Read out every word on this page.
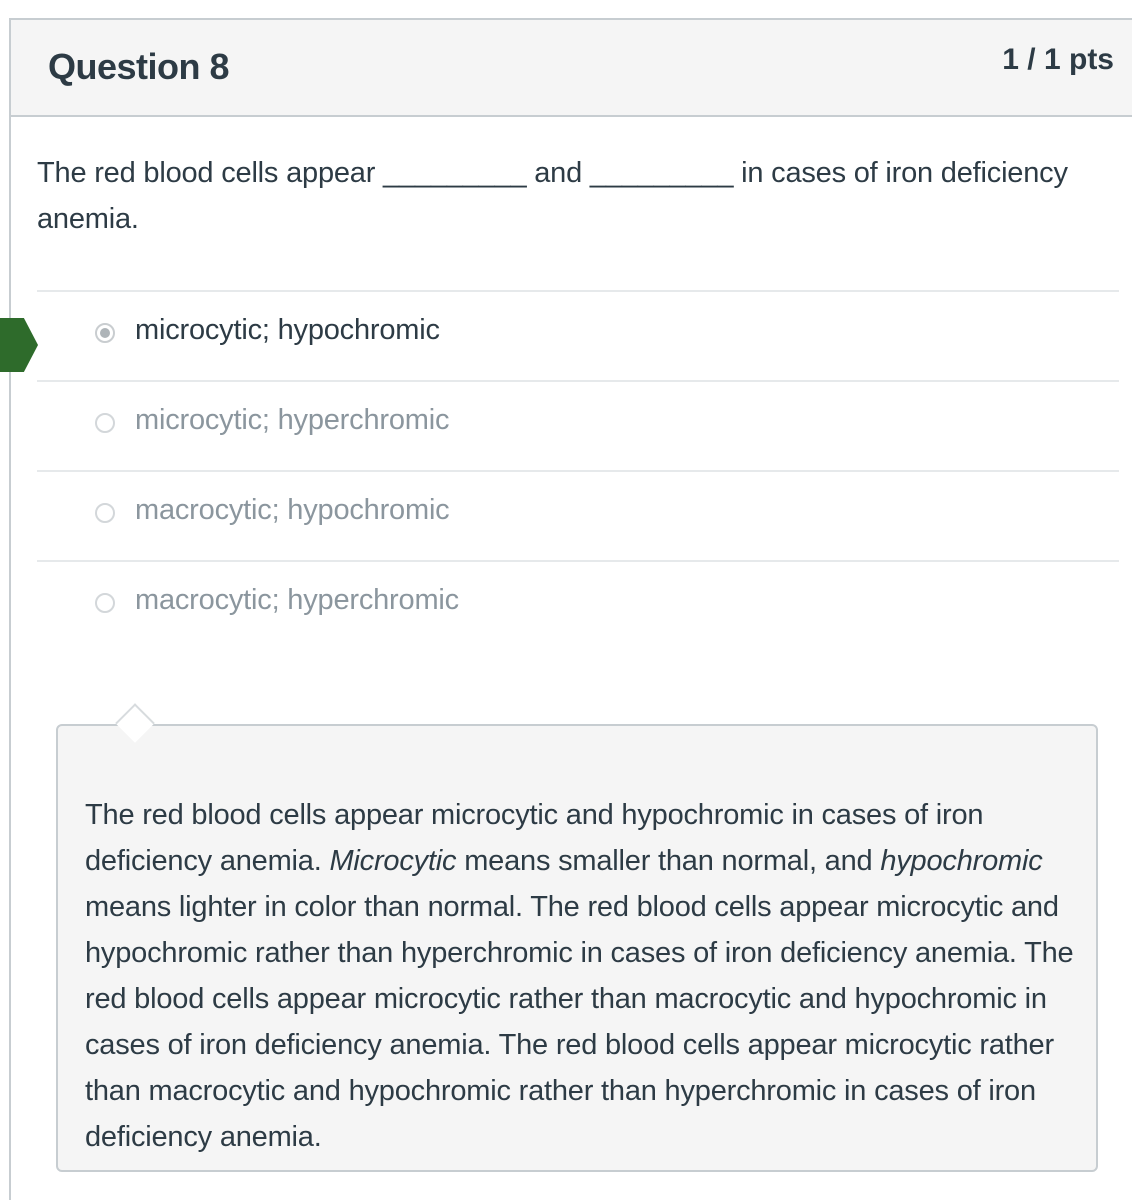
Question 8	1 / 1 pts
The red blood cells appear _________ and _________ in cases of iron deficiency anemia.
microcytic; hypochromic
microcytic; hyperchromic
macrocytic; hypochromic
macrocytic; hyperchromic
The red blood cells appear microcytic and hypochromic in cases of iron deficiency anemia. Microcytic means smaller than normal, and hypochromic means lighter in color than normal. The red blood cells appear microcytic and hypochromic rather than hyperchromic in cases of iron deficiency anemia. The red blood cells appear microcytic rather than macrocytic and hypochromic in cases of iron deficiency anemia. The red blood cells appear microcytic rather than macrocytic and hypochromic rather than hyperchromic in cases of iron deficiency anemia.
